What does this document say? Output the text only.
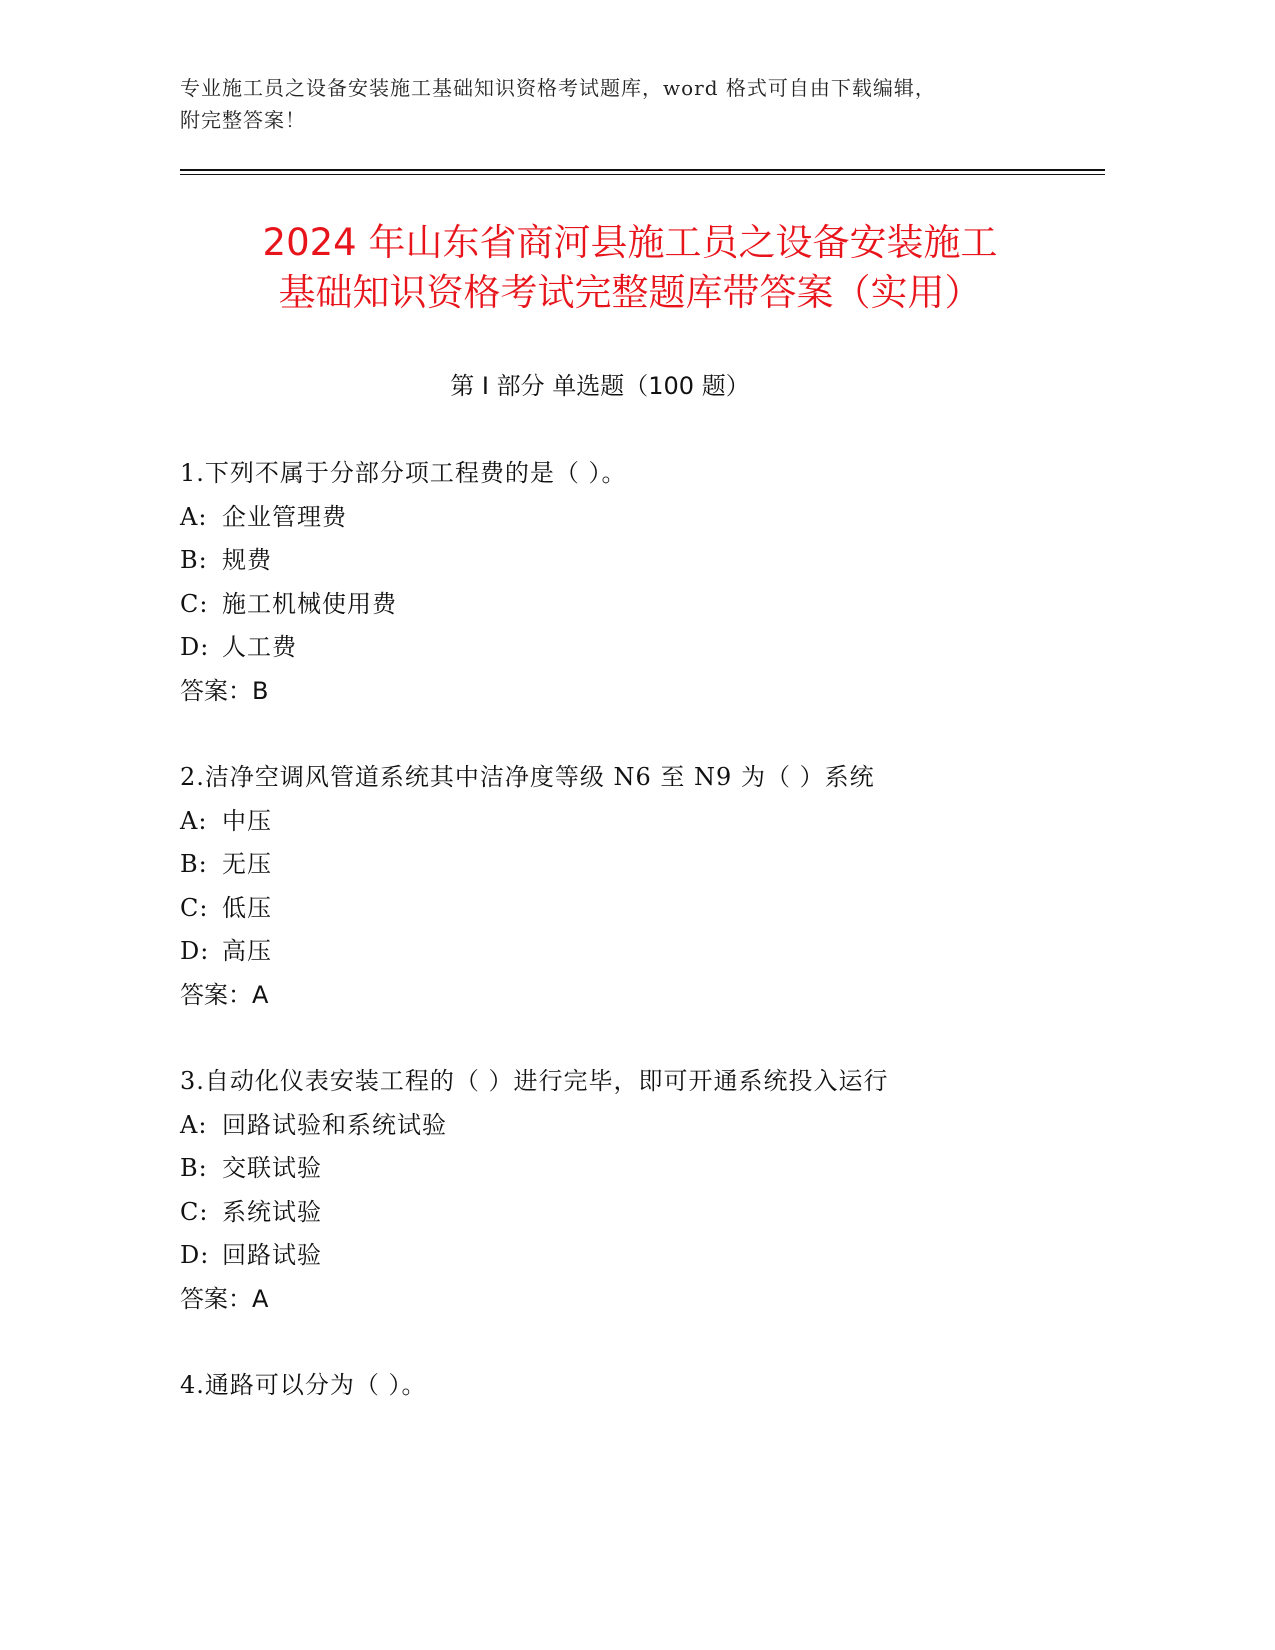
专业施工员之设备安装施工基础知识资格考试题库，word 格式可自由下载编辑，
附完整答案！
2024 年山东省商河县施工员之设备安装施工
基础知识资格考试完整题库带答案（实用）
第 I 部分 单选题（100 题）
1.下列不属于分部分项工程费的是（ ）。
A: 企业管理费
B: 规费
C: 施工机械使用费
D: 人工费
答案：B
2.洁净空调风管道系统其中洁净度等级 N6 至 N9 为（ ）系统
A: 中压
B: 无压
C: 低压
D: 高压
答案：A
3.自动化仪表安装工程的（ ）进行完毕，即可开通系统投入运行
A: 回路试验和系统试验
B: 交联试验
C: 系统试验
D: 回路试验
答案：A
4.通路可以分为（ ）。
